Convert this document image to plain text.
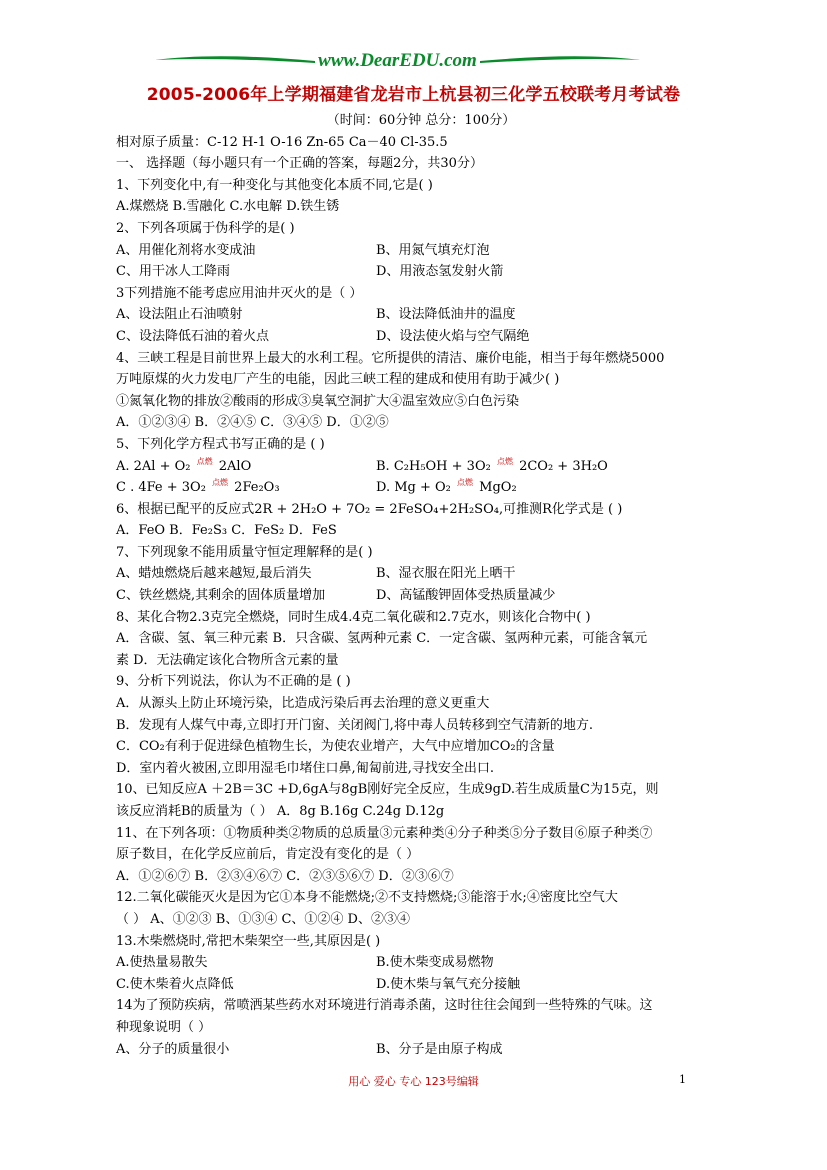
www.DearEDU.com
2005-2006年上学期福建省龙岩市上杭县初三化学五校联考月考试卷
（时间：60分钟 总分：100分）
相对原子质量：C-12 H-1 O-16 Zn-65 Ca－40 Cl-35.5
一、 选择题（每小题只有一个正确的答案，每题2分，共30分）
1、下列变化中,有一种变化与其他变化本质不同,它是( )
A.煤燃烧 B.雪融化 C.水电解 D.铁生锈
2、下列各项属于伪科学的是( )
A、用催化剂将水变成油	B、用氮气填充灯泡
C、用干冰人工降雨	D、用液态氢发射火箭
3下列措施不能考虑应用油井灭火的是（ ）
A、设法阻止石油喷射	B、设法降低油井的温度
C、设法降低石油的着火点	D、设法使火焰与空气隔绝
4、三峡工程是目前世界上最大的水利工程。它所提供的清洁、廉价电能，相当于每年燃烧5000
万吨原煤的火力发电厂产生的电能，因此三峡工程的建成和使用有助于减少( )
①氮氧化物的排放②酸雨的形成③臭氧空洞扩大④温室效应⑤白色污染
A．①②③④ B．②④⑤ C．③④⑤ D．①②⑤
5、下列化学方程式书写正确的是 ( )
A. 2Al + O₂ $^{点燃}$ 2AlO	B. C₂H₅OH + 3O₂ $^{点燃}$ 2CO₂ + 3H₂O
C . 4Fe + 3O₂ $^{点燃}$ 2Fe₂O₃	D. Mg + O₂ $^{点燃}$ MgO₂
6、根据已配平的反应式2R + 2H₂O + 7O₂ = 2FeSO₄+2H₂SO₄,可推测R化学式是 ( )
A．FeO B．Fe₂S₃ C．FeS₂ D．FeS
7、下列现象不能用质量守恒定理解释的是( )
A、蜡烛燃烧后越来越短,最后消失	B、湿衣服在阳光上晒干
C、铁丝燃烧,其剩余的固体质量增加	D、高锰酸钾固体受热质量减少
8、某化合物2.3克完全燃烧，同时生成4.4克二氧化碳和2.7克水，则该化合物中( )
A．含碳、氢、氧三种元素 B．只含碳、氢两种元素 C．一定含碳、氢两种元素，可能含氧元
素 D．无法确定该化合物所含元素的量
9、分析下列说法，你认为不正确的是 ( )
A．从源头上防止环境污染，比造成污染后再去治理的意义更重大
B．发现有人煤气中毒,立即打开门窗、关闭阀门,将中毒人员转移到空气清新的地方.
C．CO₂有利于促进绿色植物生长，为使农业增产，大气中应增加CO₂的含量
D．室内着火被困,立即用湿毛巾堵住口鼻,匍匐前进,寻找安全出口.
10、已知反应A ＋2B＝3C +D,6gA与8gB刚好完全反应，生成9gD.若生成质量C为15克，则
该反应消耗B的质量为（ ） A．8g B.16g C.24g D.12g
11、在下列各项：①物质种类②物质的总质量③元素种类④分子种类⑤分子数目⑥原子种类⑦
原子数目，在化学反应前后，肯定没有变化的是（ ）
A．①②⑥⑦ B．②③④⑥⑦ C．②③⑤⑥⑦ D．②③⑥⑦
12.二氧化碳能灭火是因为它①本身不能燃烧;②不支持燃烧;③能溶于水;④密度比空气大
（ ） A、①②③ B、①③④ C、①②④ D、②③④
13.木柴燃烧时,常把木柴架空一些,其原因是( )
A.使热量易散失	B.使木柴变成易燃物
C.使木柴着火点降低	D.使木柴与氧气充分接触
14为了预防疾病，常喷洒某些药水对环境进行消毒杀菌，这时往往会闻到一些特殊的气味。这
种现象说明（ ）
A、分子的质量很小	B、分子是由原子构成
用心 爱心 专心 123号编辑	1
